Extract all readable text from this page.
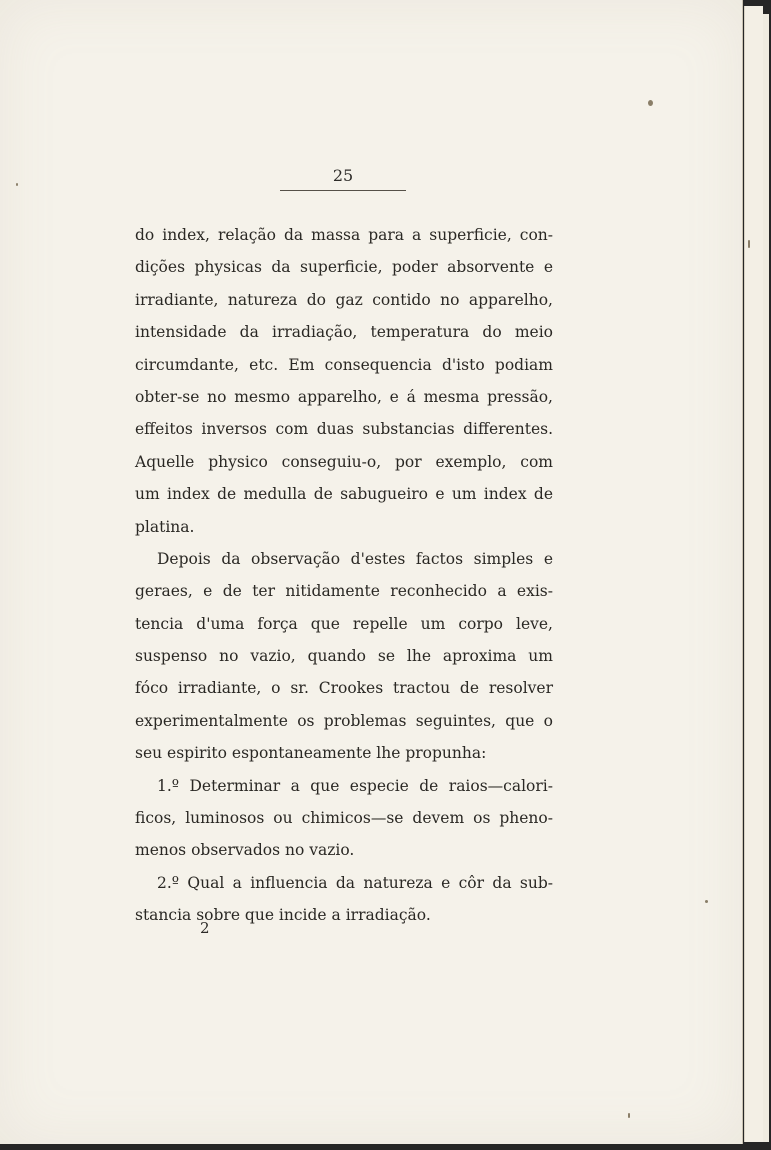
25
do index, relação da massa para a superficie, con-
dições physicas da superficie, poder absorvente e
irradiante, natureza do gaz contido no apparelho,
intensidade da irradiação, temperatura do meio
circumdante, etc. Em consequencia d'isto podiam
obter-se no mesmo apparelho, e á mesma pressão,
effeitos inversos com duas substancias differentes.
Aquelle physico conseguiu-o, por exemplo, com
um index de medulla de sabugueiro e um index de
platina.
Depois da observação d'estes factos simples e
geraes, e de ter nitidamente reconhecido a exis-
tencia d'uma força que repelle um corpo leve,
suspenso no vazio, quando se lhe aproxima um
fóco irradiante, o sr. Crookes tractou de resolver
experimentalmente os problemas seguintes, que o
seu espirito espontaneamente lhe propunha:
1.º Determinar a que especie de raios—calori-
ficos, luminosos ou chimicos—se devem os pheno-
menos observados no vazio.
2.º Qual a influencia da natureza e côr da sub-
stancia sobre que incide a irradiação.
2
